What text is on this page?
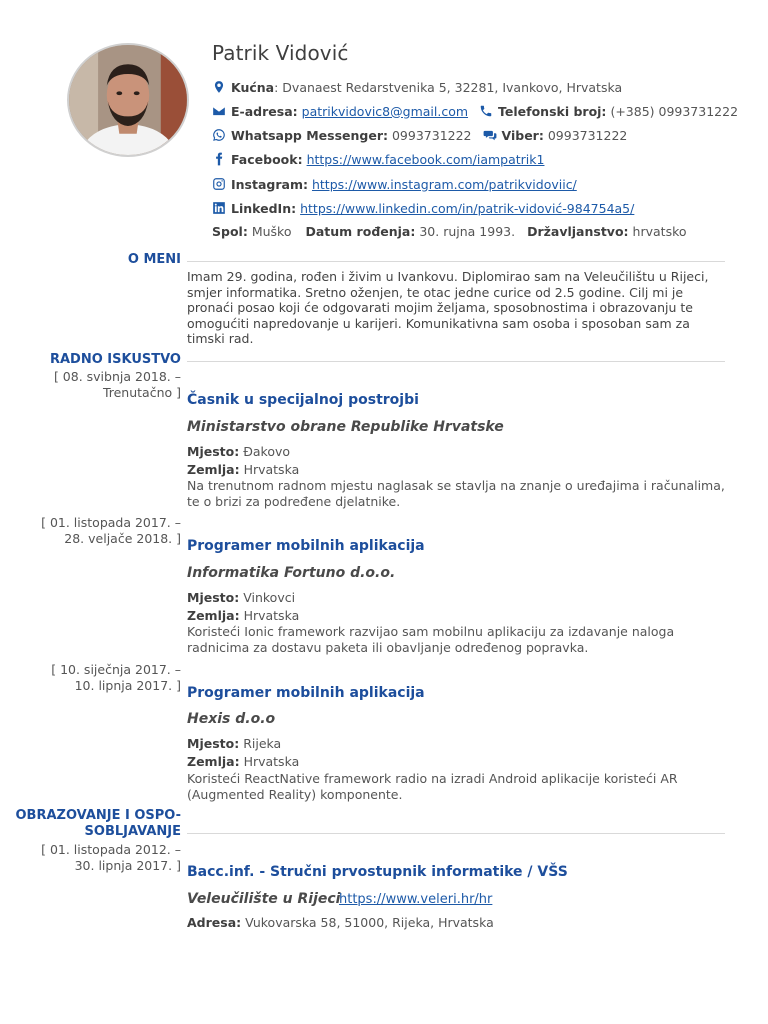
Patrik Vidović
Kućna : Dvanaest Redarstvenika 5, 32281, Ivankovo, Hrvatska
E-adresa: patrikvidovic8@gmail.com Telefonski broj: (+385) 0993731222
Whatsapp Messenger: 0993731222 Viber: 0993731222
Facebook: https://www.facebook.com/iampatrik1
Instagram: https://www.instagram.com/patrikvidoviic/
LinkedIn: https://www.linkedin.com/in/patrik-vidović-984754a5/
Spol: Muško Datum rođenja: 30. rujna 1993. Državljanstvo: hrvatsko
O MENI
Imam 29. godina, rođen i živim u Ivankovu. Diplomirao sam na Veleučilištu u Rijeci, smjer informatika. Sretno oženjen, te otac jedne curice od 2.5 godine. Cilj mi je pronaći posao koji će odgovarati mojim željama, sposobnostima i obrazovanju te omogućiti napredovanje u karijeri. Komunikativna sam osoba i sposoban sam za timski rad.
RADNO ISKUSTVO
[ 08. svibnja 2018. –
Trenutačno ] Časnik u specijalnoj postrojbi
Ministarstvo obrane Republike Hrvatske
Mjesto: Đakovo
Zemlja: Hrvatska
Na trenutnom radnom mjestu naglasak se stavlja na znanje o uređajima i računalima, te o brizi za podređene djelatnike.
[ 01. listopada 2017. –
28. veljače 2018. ] Programer mobilnih aplikacija
Informatika Fortuno d.o.o.
Mjesto: Vinkovci
Zemlja: Hrvatska
Koristeći Ionic framework razvijao sam mobilnu aplikaciju za izdavanje naloga radnicima za dostavu paketa ili obavljanje određenog popravka.
[ 10. siječnja 2017. –
10. lipnja 2017. ] Programer mobilnih aplikacija
Hexis d.o.o
Mjesto: Rijeka
Zemlja: Hrvatska
Koristeći ReactNative framework radio na izradi Android aplikacije koristeći AR (Augmented Reality) komponente.
OBRAZOVANJE I OSPO-
SOBLJAVANJE
[ 01. listopada 2012. –
30. lipnja 2017. ] Bacc.inf. - Stručni prvostupnik informatike / VŠS
Veleučilište u Rijeci
https://www.veleri.hr/hr
Adresa: Vukovarska 58, 51000, Rijeka, Hrvatska
